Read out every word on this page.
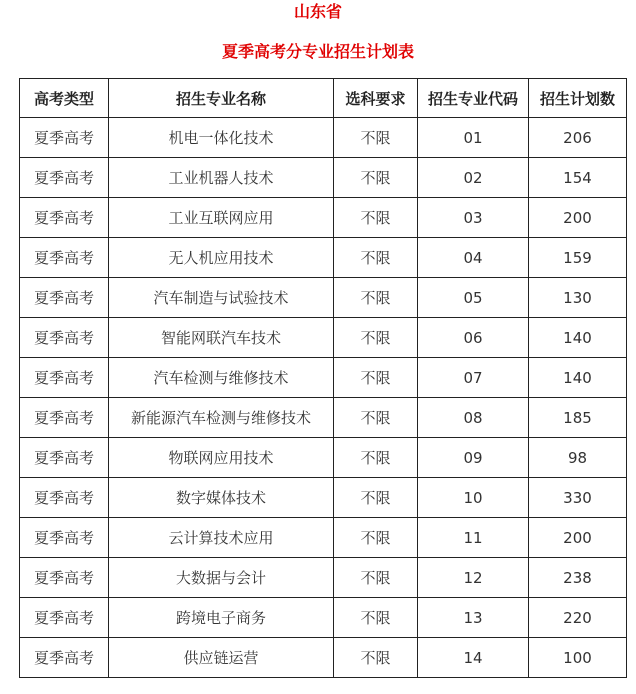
山东省
夏季高考分专业招生计划表
高考类型	招生专业名称	选科要求	招生专业代码	招生计划数
夏季高考	机电一体化技术	不限	01	206
夏季高考	工业机器人技术	不限	02	154
夏季高考	工业互联网应用	不限	03	200
夏季高考	无人机应用技术	不限	04	159
夏季高考	汽车制造与试验技术	不限	05	130
夏季高考	智能网联汽车技术	不限	06	140
夏季高考	汽车检测与维修技术	不限	07	140
夏季高考	新能源汽车检测与维修技术	不限	08	185
夏季高考	物联网应用技术	不限	09	98
夏季高考	数字媒体技术	不限	10	330
夏季高考	云计算技术应用	不限	11	200
夏季高考	大数据与会计	不限	12	238
夏季高考	跨境电子商务	不限	13	220
夏季高考	供应链运营	不限	14	100
